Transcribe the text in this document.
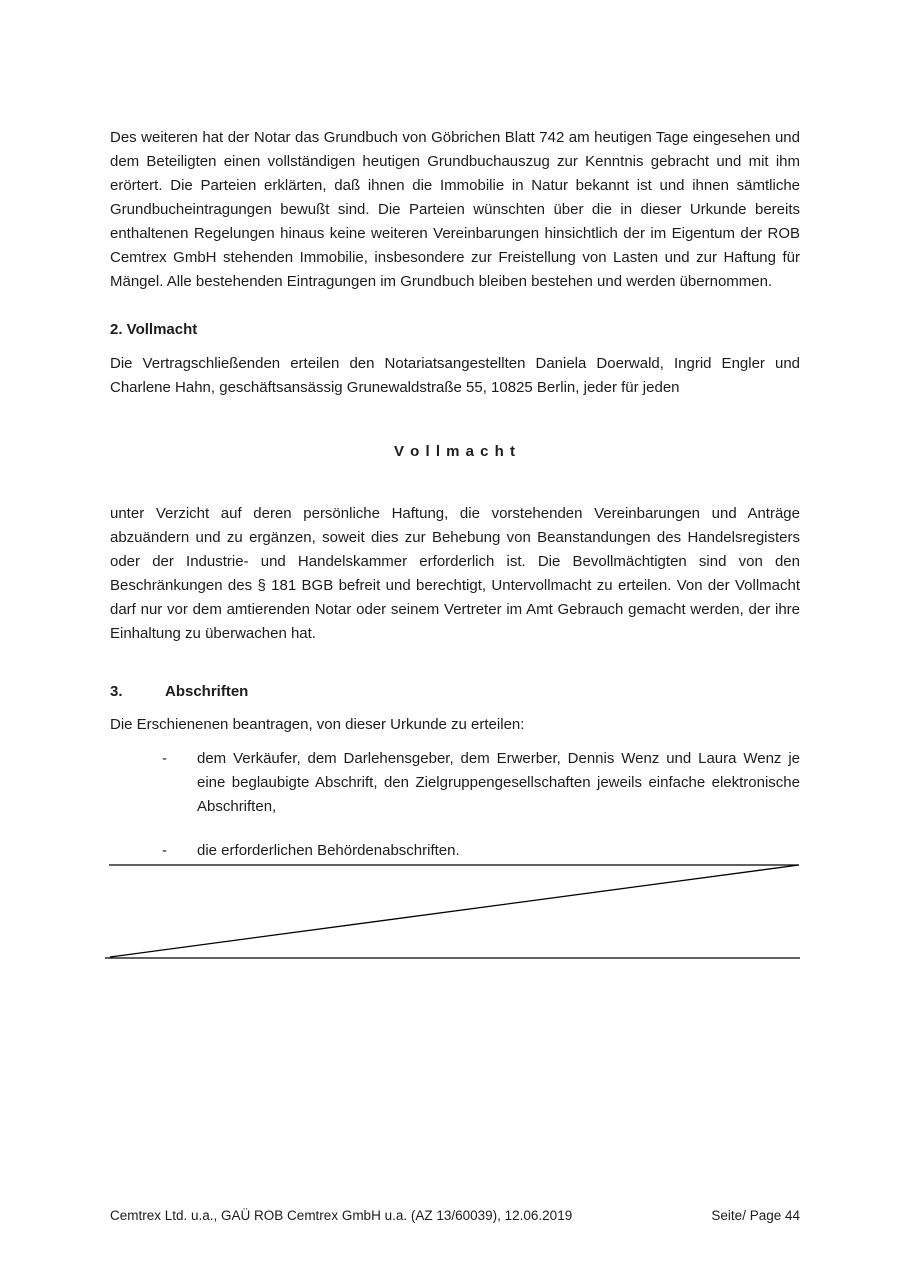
Des weiteren hat der Notar das Grundbuch von Göbrichen Blatt 742 am heutigen Tage eingesehen und dem Beteiligten einen vollständigen heutigen Grundbuchauszug zur Kenntnis gebracht und mit ihm erörtert. Die Parteien erklärten, daß ihnen die Immobilie in Natur bekannt ist und ihnen sämtliche Grundbucheintragungen bewußt sind. Die Parteien wünschten über die in dieser Urkunde bereits enthaltenen Regelungen hinaus keine weiteren Vereinbarungen hinsichtlich der im Eigentum der ROB Cemtrex GmbH stehenden Immobilie, insbesondere zur Freistellung von Lasten und zur Haftung für Mängel. Alle bestehenden Eintragungen im Grundbuch bleiben bestehen und werden übernommen.
2. Vollmacht
Die Vertragschließenden erteilen den Notariatsangestellten Daniela Doerwald, Ingrid Engler und Charlene Hahn, geschäftsansässig Grunewaldstraße 55, 10825 Berlin, jeder für jeden
V o l l m a c h t
unter Verzicht auf deren persönliche Haftung, die vorstehenden Vereinbarungen und Anträge abzuändern und zu ergänzen, soweit dies zur Behebung von Beanstandungen des Handelsregisters oder der Industrie- und Handelskammer erforderlich ist. Die Bevollmächtigten sind von den Beschränkungen des § 181 BGB befreit und berechtigt, Untervollmacht zu erteilen. Von der Vollmacht darf nur vor dem amtierenden Notar oder seinem Vertreter im Amt Gebrauch gemacht werden, der ihre Einhaltung zu überwachen hat.
3.	Abschriften
Die Erschienenen beantragen, von dieser Urkunde zu erteilen:
-	dem Verkäufer, dem Darlehensgeber, dem Erwerber, Dennis Wenz und Laura Wenz je eine beglaubigte Abschrift, den Zielgruppengesellschaften jeweils einfache elektronische Abschriften,
-	die erforderlichen Behördenabschriften.
Cemtrex Ltd. u.a., GAÜ ROB Cemtrex GmbH u.a. (AZ 13/60039), 12.06.2019	Seite/ Page 44
